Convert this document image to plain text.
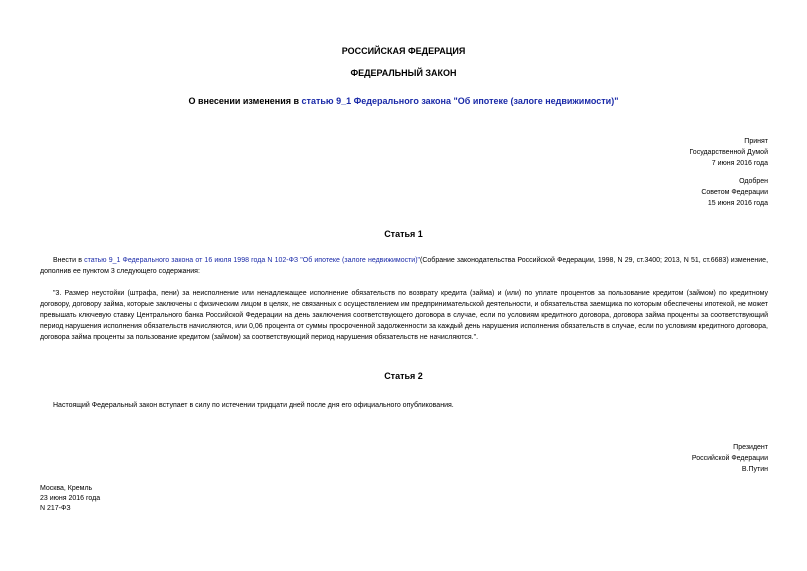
РОССИЙСКАЯ ФЕДЕРАЦИЯ
ФЕДЕРАЛЬНЫЙ ЗАКОН
О внесении изменения в статью 9_1 Федерального закона "Об ипотеке (залоге недвижимости)"
Принят
Государственной Думой
7 июня 2016 года
Одобрен
Советом Федерации
15 июня 2016 года
Статья 1
Внести в статью 9_1 Федерального закона от 16 июля 1998 года N 102-ФЗ "Об ипотеке (залоге недвижимости)"(Собрание законодательства Российской Федерации, 1998, N 29, ст.3400; 2013, N 51, ст.6683) изменение, дополнив ее пунктом 3 следующего содержания:
"3. Размер неустойки (штрафа, пени) за неисполнение или ненадлежащее исполнение обязательств по возврату кредита (займа) и (или) по уплате процентов за пользование кредитом (займом) по кредитному договору, договору займа, которые заключены с физическим лицом в целях, не связанных с осуществлением им предпринимательской деятельности, и обязательства заемщика по которым обеспечены ипотекой, не может превышать ключевую ставку Центрального банка Российской Федерации на день заключения соответствующего договора в случае, если по условиям кредитного договора, договора займа проценты за соответствующий период нарушения исполнения обязательств начисляются, или 0,06 процента от суммы просроченной задолженности за каждый день нарушения исполнения обязательств в случае, если по условиям кредитного договора, договора займа проценты за пользование кредитом (займом) за соответствующий период нарушения обязательств не начисляются.".
Статья 2
Настоящий Федеральный закон вступает в силу по истечении тридцати дней после дня его официального опубликования.
Президент
Российской Федерации
В.Путин
Москва, Кремль
23 июня 2016 года
N 217-ФЗ
